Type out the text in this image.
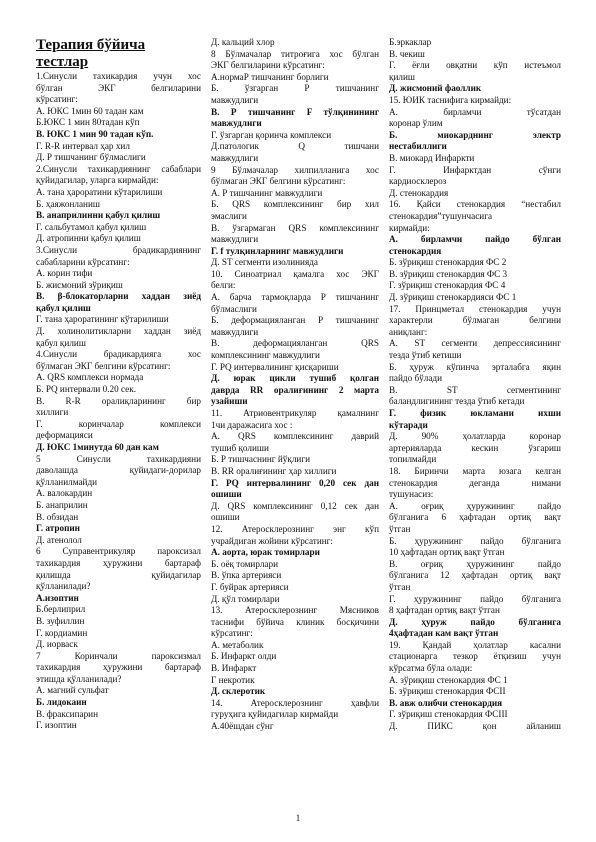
Терапия бўйича
тестлар
1.Синусли тахикардия учун хос
бўлган ЭКГ белгиларини
кўрсатинг:
А. ЮКС 1мин 60 тадан кам
Б.ЮКС 1 мин 80тадан кўп
В. ЮКС 1 мин 90 тадан кўп.
Г. R-R интервал ҳар хил
Д. Р тишчанинг бўлмаслиги
2.Синусли тахикардиянинг сабаблари
қуйидагилар, уларга кирмайди:
А. тана ҳароратини кўтарилиши
Б. ҳаяжонланиш
В. анаприлинни қабул қилиш
Г. сальбутамол қабул қилиш
Д. атропинни қабул қилиш
3.Синусли брадикардиянинг
сабабларини кўрсатинг:
А. корин тифи
Б. жисмоний зўриқиш
В. β-блокаторларни хаддан зиёд
қабул қилиш
Г. тана ҳароратининг кўтарилиши
Д. холинолитикларни хаддан зиёд
қабул қилиш
4.Синусли брадикардияга хос
бўлмаган ЭКГ белгини кўрсатинг:
А. QRS комплекси нормада
Б. PQ интервали 0.20 сек.
В. R-R оралиқларининг бир
хиллиги
Г. коринчалар комплекси
деформацияси
Д. ЮКС 1минутда 60 дан кам
5 Синусли тахикардияни
даволашда қуйидаги-дорилар
қўлланилмайди
А. валокардин
Б. анаприлин
В. обзидан
Г. атропин
Д. атенолол
6 Суправентрикуляр пароксизал
тахикардия ҳуружини бартараф
қилишда қуйидагилар
қўлланилади?
А.изоптин
Б.берлиприл
В. зуфиллин
Г. кордиамин
Д. иорваск
7 Коринчали пароксизмал
тахикардия ҳуружини бартараф
этишда қўлланилади?
А. магний сульфат
Б. лидокаин
В. фраксипарин
Г. изоптин
Д. кальций хлор
8 Бўлмачалар титроғига хос бўлган
ЭКГ белгиларини кўрсатинг:
А.нормаР тишчанинг борлиги
Б. ўзгарган Р тишчанинг
мавжудлиги
В. Р тишчанинг F тўлқинининг
мавжудлиги
Г. ўзгарган қоринча комплекси
Д.патологик Q тишчани
мавжудлиги
9 Бўлмачалар хилпилланига хос
бўлмаган ЭКГ белгини кўрсатинг:
А. Р тишчанинг мавжудлиги
Б. QRS комплексининг бир хил
эмаслиги
В. ўзгармаган QRS комплексининг
мавжудлиги
Г. f тулқинларнинг мавжудлиги
Д. ST сегменти изолинияда
10. Синоатриал қамалга хос ЭКГ
белги:
А. барча тармоқларда Р тишчанинг
бўлмаслиги
Б. деформацияланган Р тишчанинг
мавжудлиги
В. деформацияланган QRS
комплексининг мавжудлиги
Г. PQ интервалининг қисқариши
Д. юрак цикли тушиб қолган
даврда RR оралиғининг 2 марта
узайиши
11. Атриовентрикуляр қамалнинг
1чи даражасига хос :
А. QRS комплексининг даврий
тушиб қолиши
Б. Р тишчаснинг йўқлиги
В. RR оралиғининг ҳар хиллиги
Г. PQ интервалининг 0,20 сек дан
ошиши
Д. QRS комплексининг 0,12 сек дан
ошиши
12. Атеросклерознинг энг кўп
учрайдиган жойини кўрсатинг:
А. аорта, юрак томирлари
Б. оёқ томирлари
В. ўпка артерияси
Г. буйрак артерияси
Д. қўл томирлари
13. Атеросклерознинг Мясников
таснифи бўйича клиник босқичини
кўрсатинг:
А. метаболик
Б. Инфаркт олди
В. Инфаркт
Г некротик
Д. склеротик
14. Атеросклерознинг ҳавфли
гуруҳига қуйидагилар кирмайди
А.40ёшдан сўнг
Б.эркаклар
В. чекиш
Г. ёғли овқатни кўп истеъмол
қилиш
Д. жисмоний фаоллик
15. ЮИК таснифига кирмайди:
А. бирламчи тўсатдан
коронар ўлим
Б. миокарднинг электр
нестабиллиги
В. миокард Инфаркти
Г. Инфарктдан сўнги
кардиосклероз
Д. стенокардия
16. Қайси стенокардия “нестабил
стенокардия”тушунчасига
кирмайди:
А. бирламчи пайдо бўлган
стенокардия
Б. зўриқиш стенокардия ФС 2
В. зўриқиш стенокардия ФС 3
Г. зўриқиш стенокардия ФС 4
Д. зўриқиш стенокардияси ФС 1
17. Принцметал стенокардия учун
характерли бўлмаган белгини
аниқланг:
А. ST сегменти депрессиясининг
тезда ўтиб кетиши
Б. ҳуруж кўпинча эрталабга яқин
пайдо бўлади
В. ST сегментининг
баландлигининг тезда ўтиб кетади
Г. физик юкламани ихши
кўтаради
Д. 90% ҳолатларда коронар
артерияларда кескин ўзгариш
топилмайди
18. Биринчи марта юзага келган
стенокардия деганда нимани
тушунасиз:
А. оғриқ ҳуружининг пайдо
бўлганига 6 ҳафтадан ортиқ вақт
ўтган
Б. ҳуружининг пайдо бўлганига
10 ҳафтадан ортиқ вақт ўтган
В. оғриқ ҳуружининг пайдо
бўлганига 12 ҳафтадан ортиқ вақт
ўтган
Г. ҳуружининг пайдо бўлганига
8 ҳафтадан ортиқ вақт ўтган
Д. ҳуруж пайдо бўлганига
4ҳафтадан кам вақт ўтган
19. Қандай ҳолатлар касални
стационарга тезкор ётқизиш учун
кўрсатма бўла олади:
А. зўриқиш стенокардия ФС 1
Б. зўриқиш стенокардия ФСII
В. авж олибчи стенокардия
Г. зўриқиш стенокардия ФСIII
Д. ПИКС қон айланиш
1
